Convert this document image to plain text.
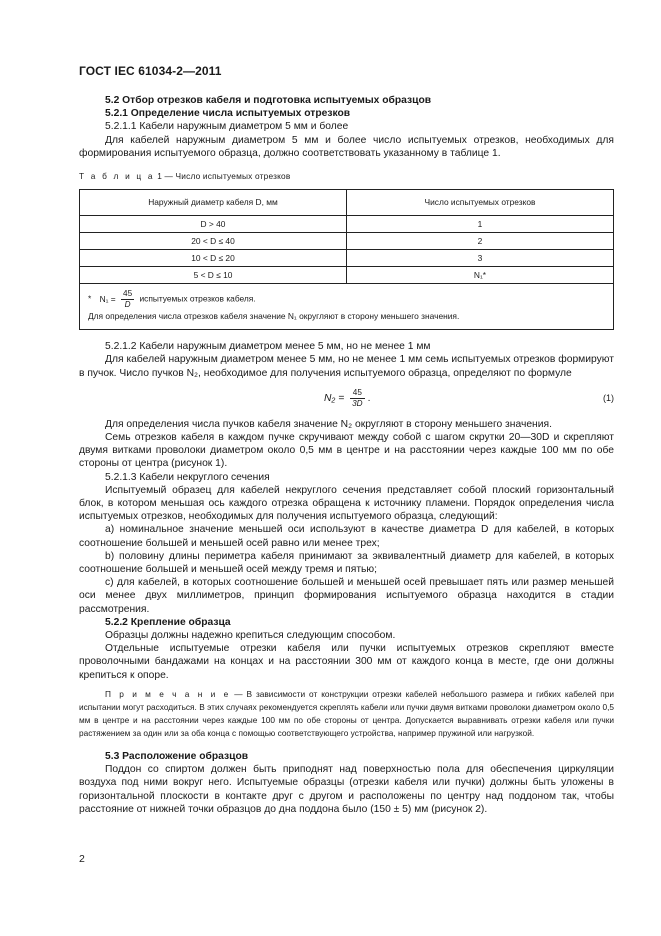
ГОСТ IEC 61034-2—2011

5.2 Отбор отрезков кабеля и подготовка испытуемых образцов

5.2.1 Определение числа испытуемых отрезков

5.2.1.1 Кабели наружным диаметром 5 мм и более

Для кабелей наружным диаметром 5 мм и более число испытуемых отрезков, необходимых для формирования испытуемого образца, должно соответствовать указанному в таблице 1.

Т а б л и ц а 1 — Число испытуемых отрезков
Наружный диаметр кабеля D, мм	Число испытуемых отрезков
D > 40	1
20 < D ≤ 40	2
10 < D ≤ 20	3
5 < D ≤ 10	N₁*

* $N_1 = \frac{45}{D}$ испытуемых отрезков кабеля.
Для определения числа отрезков кабеля значение N₁ округляют в сторону меньшего значения.	

5.2.1.2 Кабели наружным диаметром менее 5 мм, но не менее 1 мм

Для кабелей наружным диаметром менее 5 мм, но не менее 1 мм семь испытуемых отрезков формируют в пучок. Число пучков N₂, необходимое для получения испытуемого образца, определяют по формуле

$N_2 = \frac{45}{3D}$ .	(1)

Для определения числа пучков кабеля значение N₂ округляют в сторону меньшего значения.

Семь отрезков кабеля в каждом пучке скручивают между собой с шагом скрутки 20—30D и скрепляют двумя витками проволоки диаметром около 0,5 мм в центре и на расстоянии через каждые 100 мм по обе стороны от центра (рисунок 1).

5.2.1.3 Кабели некруглого сечения

Испытуемый образец для кабелей некруглого сечения представляет собой плоский горизонтальный блок, в котором меньшая ось каждого отрезка обращена к источнику пламени. Порядок определения числа испытуемых отрезков, необходимых для получения испытуемого образца, следующий:

a) номинальное значение меньшей оси используют в качестве диаметра D для кабелей, в которых соотношение большей и меньшей осей равно или менее трех;

b) половину длины периметра кабеля принимают за эквивалентный диаметр для кабелей, в которых соотношение большей и меньшей осей между тремя и пятью;

c) для кабелей, в которых соотношение большей и меньшей осей превышает пять или размер меньшей оси менее двух миллиметров, принцип формирования испытуемого образца находится в стадии рассмотрения.

5.2.2 Крепление образца

Образцы должны надежно крепиться следующим способом.

Отдельные испытуемые отрезки кабеля или пучки испытуемых отрезков скрепляют вместе проволочными бандажами на концах и на расстоянии 300 мм от каждого конца в месте, где они должны крепиться к опоре.

П р и м е ч а н и е — В зависимости от конструкции отрезки кабелей небольшого размера и гибких кабелей при испытании могут расходиться. В этих случаях рекомендуется скреплять кабели или пучки двумя витками проволоки диаметром около 0,5 мм в центре и на расстоянии через каждые 100 мм по обе стороны от центра. Допускается выравнивать отрезки кабеля или пучки растяжением за один или за оба конца с помощью соответствующего устройства, например пружиной или нагрузкой.

5.3 Расположение образцов

Поддон со спиртом должен быть приподнят над поверхностью пола для обеспечения циркуляции воздуха под ними вокруг него. Испытуемые образцы (отрезки кабеля или пучки) должны быть уложены в горизонтальной плоскости в контакте друг с другом и расположены по центру над поддоном так, чтобы расстояние от нижней точки образцов до дна поддона было (150 ± 5) мм (рисунок 2).

2
